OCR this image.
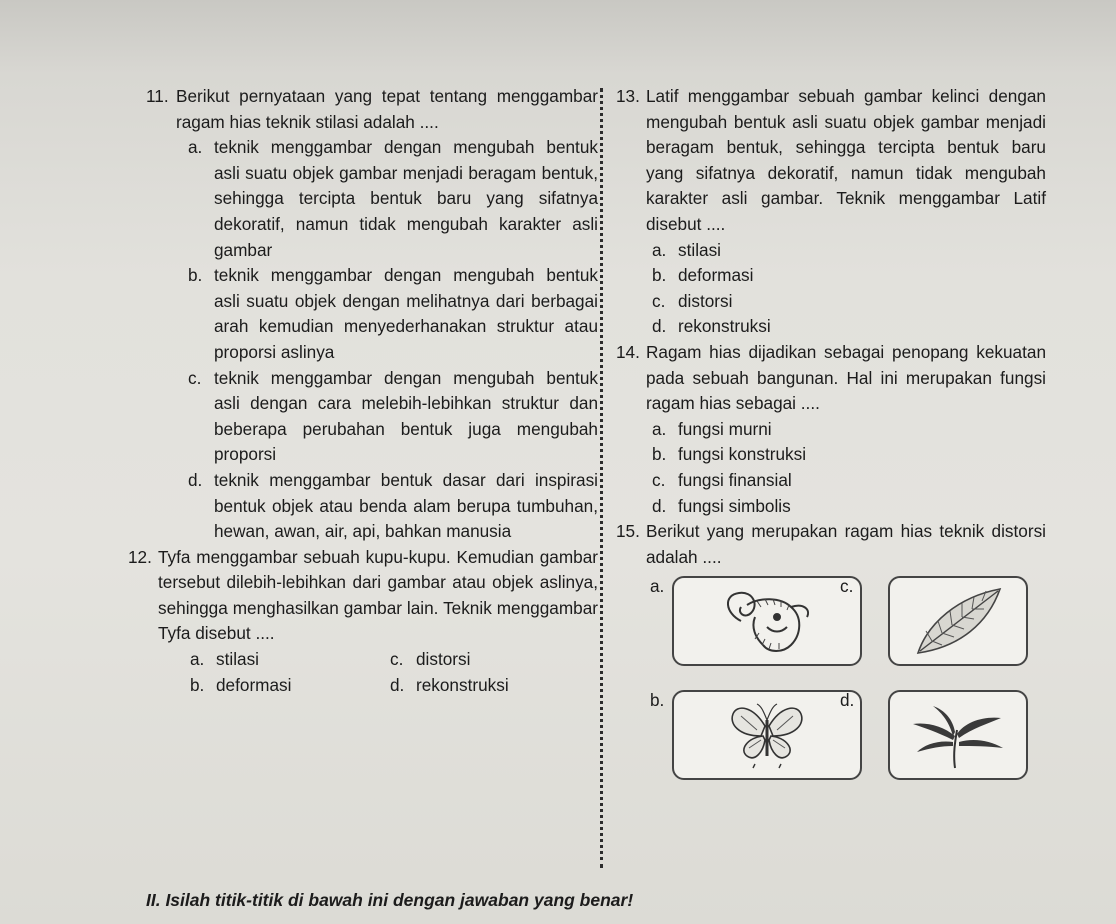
11. Berikut pernyataan yang tepat tentang menggambar ragam hias teknik stilasi adalah ....
a. teknik menggambar dengan mengubah bentuk asli suatu objek gambar menjadi beragam bentuk, sehingga tercipta bentuk baru yang sifatnya dekoratif, namun tidak mengubah karakter asli gambar
b. teknik menggambar dengan mengubah bentuk asli suatu objek dengan melihatnya dari berbagai arah kemudian menyederhanakan struktur atau proporsi aslinya
c. teknik menggambar dengan mengubah bentuk asli dengan cara melebih-lebihkan struktur dan beberapa perubahan bentuk juga mengubah proporsi
d. teknik menggambar bentuk dasar dari inspirasi bentuk objek atau benda alam berupa tumbuhan, hewan, awan, air, api, bahkan manusia
12. Tyfa menggambar sebuah kupu-kupu. Kemudian gambar tersebut dilebih-lebihkan dari gambar atau objek aslinya, sehingga menghasilkan gambar lain. Teknik menggambar Tyfa disebut ....
a. stilasi	c. distorsi
b. deformasi	d. rekonstruksi
13. Latif menggambar sebuah gambar kelinci dengan mengubah bentuk asli suatu objek gambar menjadi beragam bentuk, sehingga tercipta bentuk baru yang sifatnya dekoratif, namun tidak mengubah karakter asli gambar. Teknik menggambar Latif disebut ....
a. stilasi
b. deformasi
c. distorsi
d. rekonstruksi
14. Ragam hias dijadikan sebagai penopang kekuatan pada sebuah bangunan. Hal ini merupakan fungsi ragam hias sebagai ....
a. fungsi murni
b. fungsi konstruksi
c. fungsi finansial
d. fungsi simbolis
15. Berikut yang merupakan ragam hias teknik distorsi adalah ....
a.	c.
b.	d.
II. Isilah titik-titik di bawah ini dengan jawaban yang benar!
